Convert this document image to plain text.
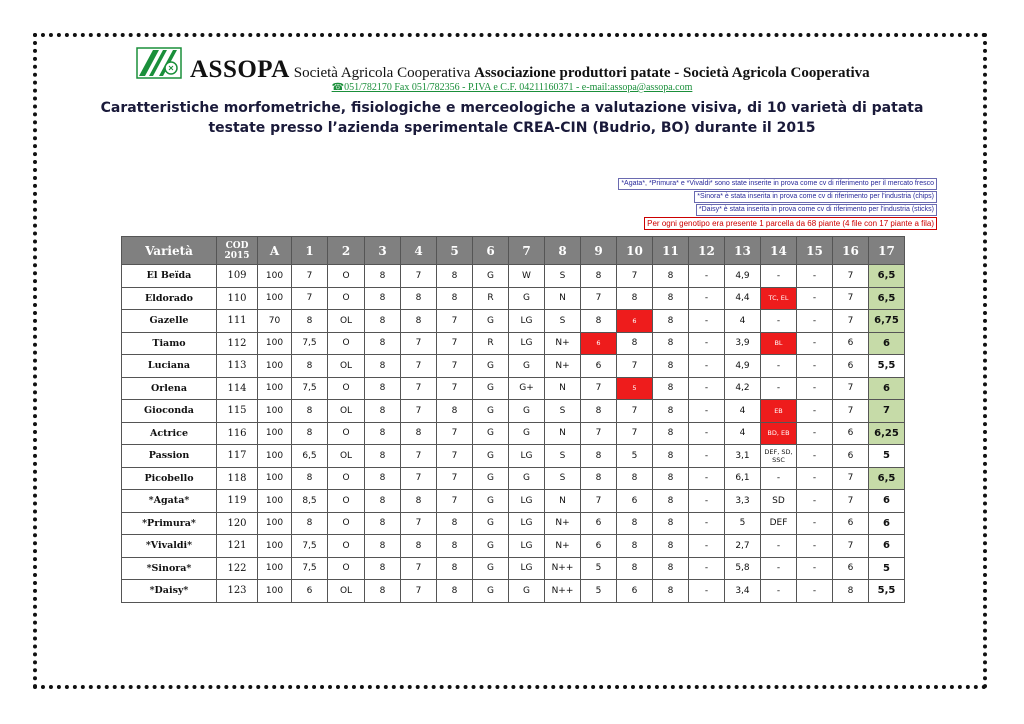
ASSOPA Società Agricola Cooperativa Associazione produttori patate - Società Agricola Cooperativa
☎051/782170 Fax 051/782356 - P.IVA e C.F. 04211160371 - e-mail:assopa@assopa.com
Caratteristiche morfometriche, fisiologiche e merceologiche a valutazione visiva, di 10 varietà di patata
testate presso l’azienda sperimentale CREA-CIN (Budrio, BO) durante il 2015
*Agata*, *Primura* e *Vivaldi* sono state inserite in prova come cv di riferimento per il mercato fresco
*Sinora* è stata inserita in prova come cv di riferimento per l'industria (chips)
*Daisy* è stata inserita in prova come cv di riferimento per l'industria (sticks)
Per ogni genotipo era presente 1 parcella da 68 piante (4 file con 17 piante a fila)
Varietà	COD 2015	A	1	2	3	4	5	6	7	8	9	10	11	12	13	14	15	16	17
El Beïda	109	100	7	O	8	7	8	G	W	S	8	7	8	-	4,9	-	-	7	6,5
Eldorado	110	100	7	O	8	8	8	R	G	N	7	8	8	-	4,4	TC, EL	-	7	6,5
Gazelle	111	70	8	OL	8	8	7	G	LG	S	8	6	8	-	4	-	-	7	6,75
Tiamo	112	100	7,5	O	8	7	7	R	LG	N+	6	8	8	-	3,9	BL	-	6	6
Luciana	113	100	8	OL	8	7	7	G	G	N+	6	7	8	-	4,9	-	-	6	5,5
Orlena	114	100	7,5	O	8	7	7	G	G+	N	7	5	8	-	4,2	-	-	7	6
Gioconda	115	100	8	OL	8	7	8	G	G	S	8	7	8	-	4	EB	-	7	7
Actrice	116	100	8	O	8	8	7	G	G	N	7	7	8	-	4	BD, EB	-	6	6,25
Passion	117	100	6,5	OL	8	7	7	G	LG	S	8	5	8	-	3,1	DEF, SD, SSC	-	6	5
Picobello	118	100	8	O	8	7	7	G	G	S	8	8	8	-	6,1	-	-	7	6,5
*Agata*	119	100	8,5	O	8	8	7	G	LG	N	7	6	8	-	3,3	SD	-	7	6
*Primura*	120	100	8	O	8	7	8	G	LG	N+	6	8	8	-	5	DEF	-	6	6
*Vivaldi*	121	100	7,5	O	8	8	8	G	LG	N+	6	8	8	-	2,7	-	-	7	6
*Sinora*	122	100	7,5	O	8	7	8	G	LG	N++	5	8	8	-	5,8	-	-	6	5
*Daisy*	123	100	6	OL	8	7	8	G	G	N++	5	6	8	-	3,4	-	-	8	5,5
